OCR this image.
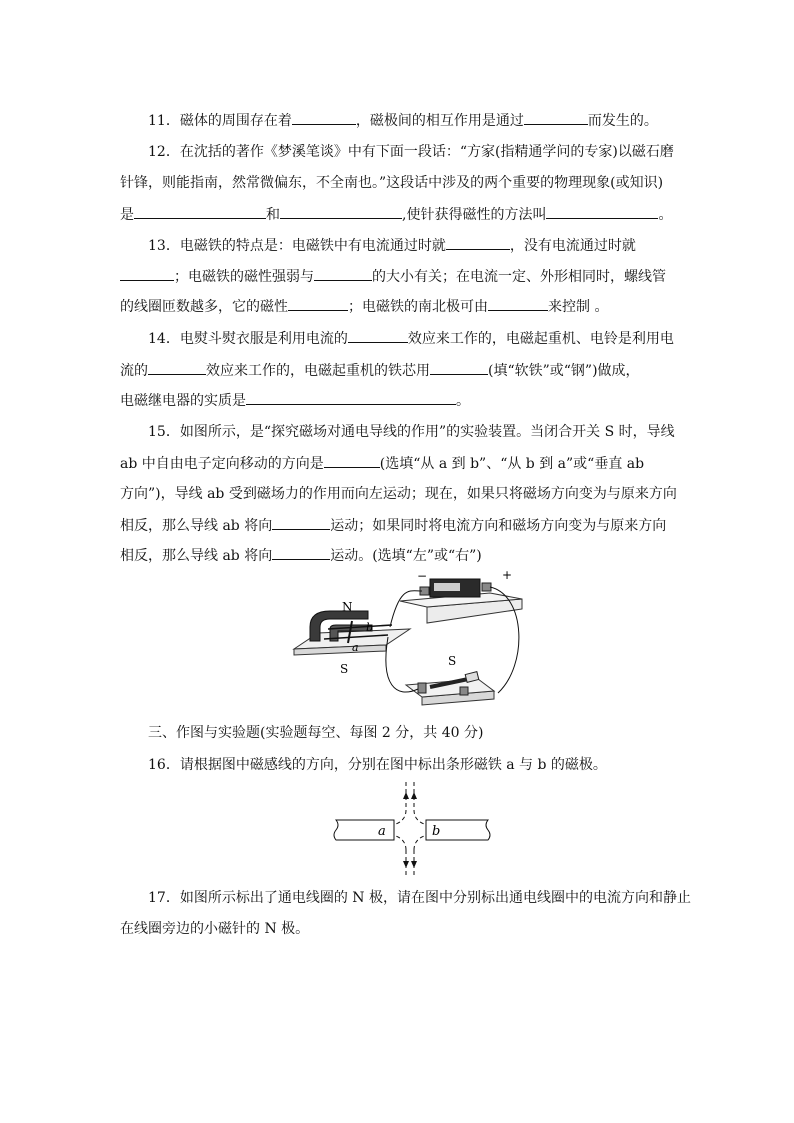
11．磁体的周围存在着	，磁极间的相互作用是通过	而发生的。
12．在沈括的著作《梦溪笔谈》中有下面一段话：“方家(指精通学问的专家)以磁石磨
针锋，则能指南，然常微偏东，不全南也。”这段话中涉及的两个重要的物理现象(或知识)
是	和	,使针获得磁性的方法叫	。
13．电磁铁的特点是：电磁铁中有电流通过时就	，没有电流通过时就
；电磁铁的磁性强弱与	的大小有关；在电流一定、外形相同时，螺线管
的线圈匝数越多，它的磁性	；电磁铁的南北极可由	来控制 。
14．电熨斗熨衣服是利用电流的	效应来工作的，电磁起重机、电铃是利用电
流的	效应来工作的，电磁起重机的铁芯用	(填“软铁”或“钢”)做成，
电磁继电器的实质是	。
15．如图所示，是“探究磁场对通电导线的作用”的实验装置。当闭合开关 S 时，导线
ab 中自由电子定向移动的方向是	(选填“从 a 到 b”、“从 b 到 a”或“垂直 ab
方向”)，导线 ab 受到磁场力的作用而向左运动；现在，如果只将磁场方向变为与原来方向
相反，那么导线 ab 将向	运动；如果同时将电流方向和磁场方向变为与原来方向
相反，那么导线 ab 将向	运动。(选填“左”或“右”)
−	+
N
S
b
a
S
三、作图与实验题(实验题每空、每图 2 分，共 40 分)
16．请根据图中磁感线的方向，分别在图中标出条形磁铁 a 与 b 的磁极。
a	b
17．如图所示标出了通电线圈的 N 极，请在图中分别标出通电线圈中的电流方向和静止
在线圈旁边的小磁针的 N 极。
